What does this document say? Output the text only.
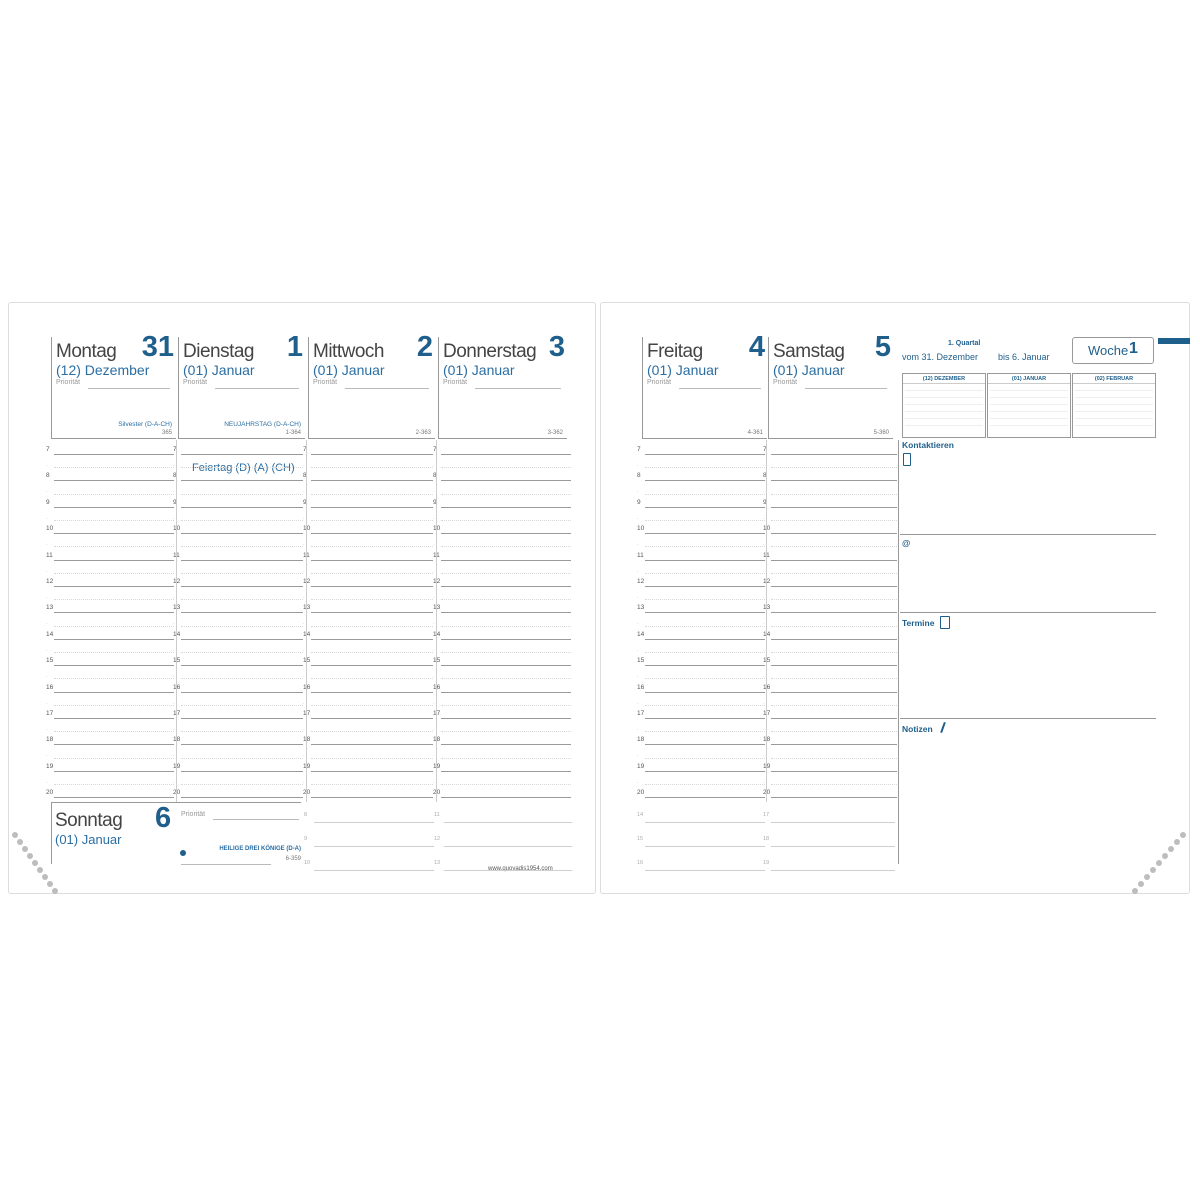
Feiertag (D) (A) (CH)
Sonntag 6
(01) Januar
Priorität
HEILIGE DREI KÖNIGE (D-A)
6-359
www.quovadis1954.com
1. Quartal
vom 31. Dezember bis 6. Januar	Woche 1
Kontaktieren
@
Termine
Notizen
7
·
8
·
9
·
10
·
11
·
12
·
13
·
14
·
15
·
16
·
17
·
18
·
19
·
20
7
·
8
·
9
·
10
·
11
·
12
·
13
·
14
·
15
·
16
·
17
·
18
·
19
·
20
7
·
8
·
9
·
10
·
11
·
12
·
13
·
14
·
15
·
16
·
17
·
18
·
19
·
20
7
·
8
·
9
·
10
·
11
·
12
·
13
·
14
·
15
·
16
·
17
·
18
·
19
·
20
7
·
8
·
9
·
10
·
11
·
12
·
13
·
14
·
15
·
16
·
17
·
18
·
19
·
20
7
·
8
·
9
·
10
·
11
·
12
·
13
·
14
·
15
·
16
·
17
·
18
·
19
·
20
8	11
9	12
10	13
14	17
15	18
16	19
Montag 31
(12) Dezember
Priorität
Silvester (D-A-CH)
365
Dienstag 1
(01) Januar
Priorität
NEUJAHRSTAG (D-A-CH)
1-364
Mittwoch 2
(01) Januar
Priorität
2-363
Donnerstag 3
(01) Januar
Priorität
3-362
Freitag 4
(01) Januar
Priorität
4-361
Samstag 5
(01) Januar
Priorität
5-360
(12) DEZEMBER	(01) JANUAR	(02) FEBRUAR
